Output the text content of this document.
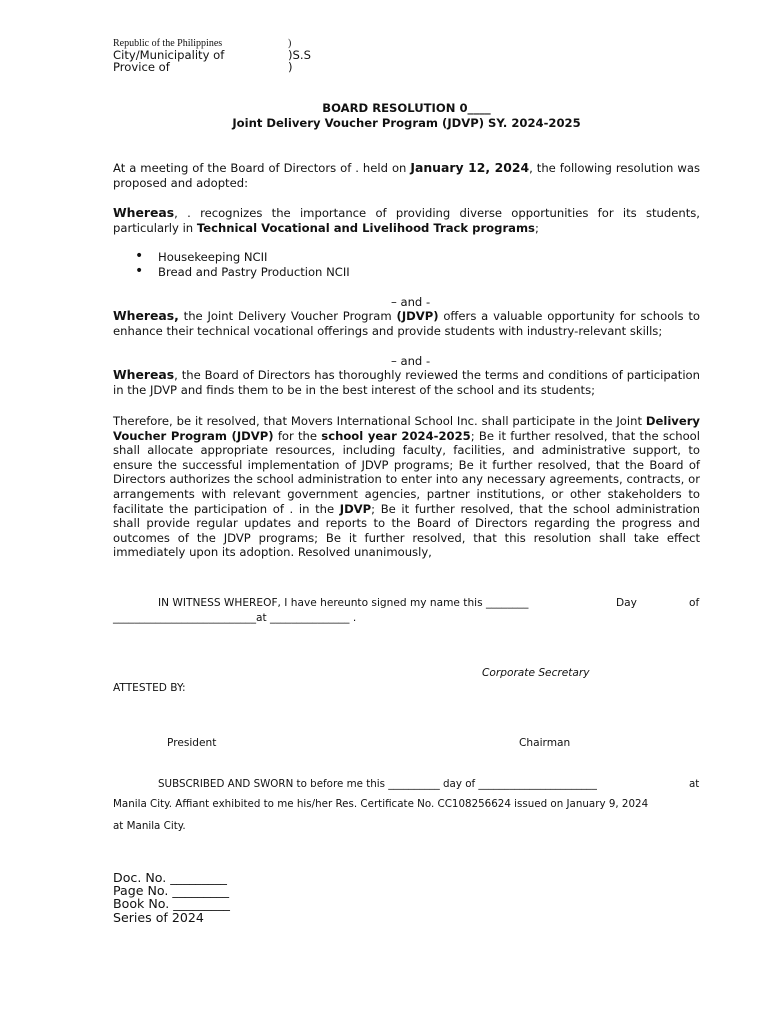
Republic of the Philippines	)
City/Municipality of	)S.S
Provice of	)
BOARD RESOLUTION 0____
Joint Delivery Voucher Program (JDVP) SY. 2024-2025

At a meeting of the Board of Directors of . held on January 12, 2024, the following resolution was proposed and adopted:

Whereas, . recognizes the importance of providing diverse opportunities for its students, particularly in Technical Vocational and Livelihood Track programs;

• Housekeeping NCII
• Bread and Pastry Production NCII
– and -

Whereas, the Joint Delivery Voucher Program (JDVP) offers a valuable opportunity for schools to enhance their technical vocational offerings and provide students with industry-relevant skills;

– and -

Whereas, the Board of Directors has thoroughly reviewed the terms and conditions of participation in the JDVP and finds them to be in the best interest of the school and its students;

Therefore, be it resolved, that Movers International School Inc. shall participate in the Joint Delivery Voucher Program (JDVP) for the school year 2024-2025; Be it further resolved, that the school shall allocate appropriate resources, including faculty, facilities, and administrative support, to ensure the successful implementation of JDVP programs; Be it further resolved, that the Board of Directors authorizes the school administration to enter into any necessary agreements, contracts, or arrangements with relevant government agencies, partner institutions, or other stakeholders to facilitate the participation of . in the JDVP; Be it further resolved, that the school administration shall provide regular updates and reports to the Board of Directors regarding the progress and outcomes of the JDVP programs; Be it further resolved, that this resolution shall take effect immediately upon its adoption. Resolved unanimously,

IN WITNESS WHEREOF, I have hereunto signed my name this ________	Day	of
___________________________at _______________ .
Corporate Secretary
ATTESTED BY:
President	Chairman
SUBSCRIBED AND SWORN to before me this __________ day of _______________________	at
Manila City. Affiant exhibited to me his/her Res. Certificate No. CC108256624 issued on January 9, 2024
at Manila City.
Doc. No. _________
Page No. _________
Book No. _________
Series of 2024
